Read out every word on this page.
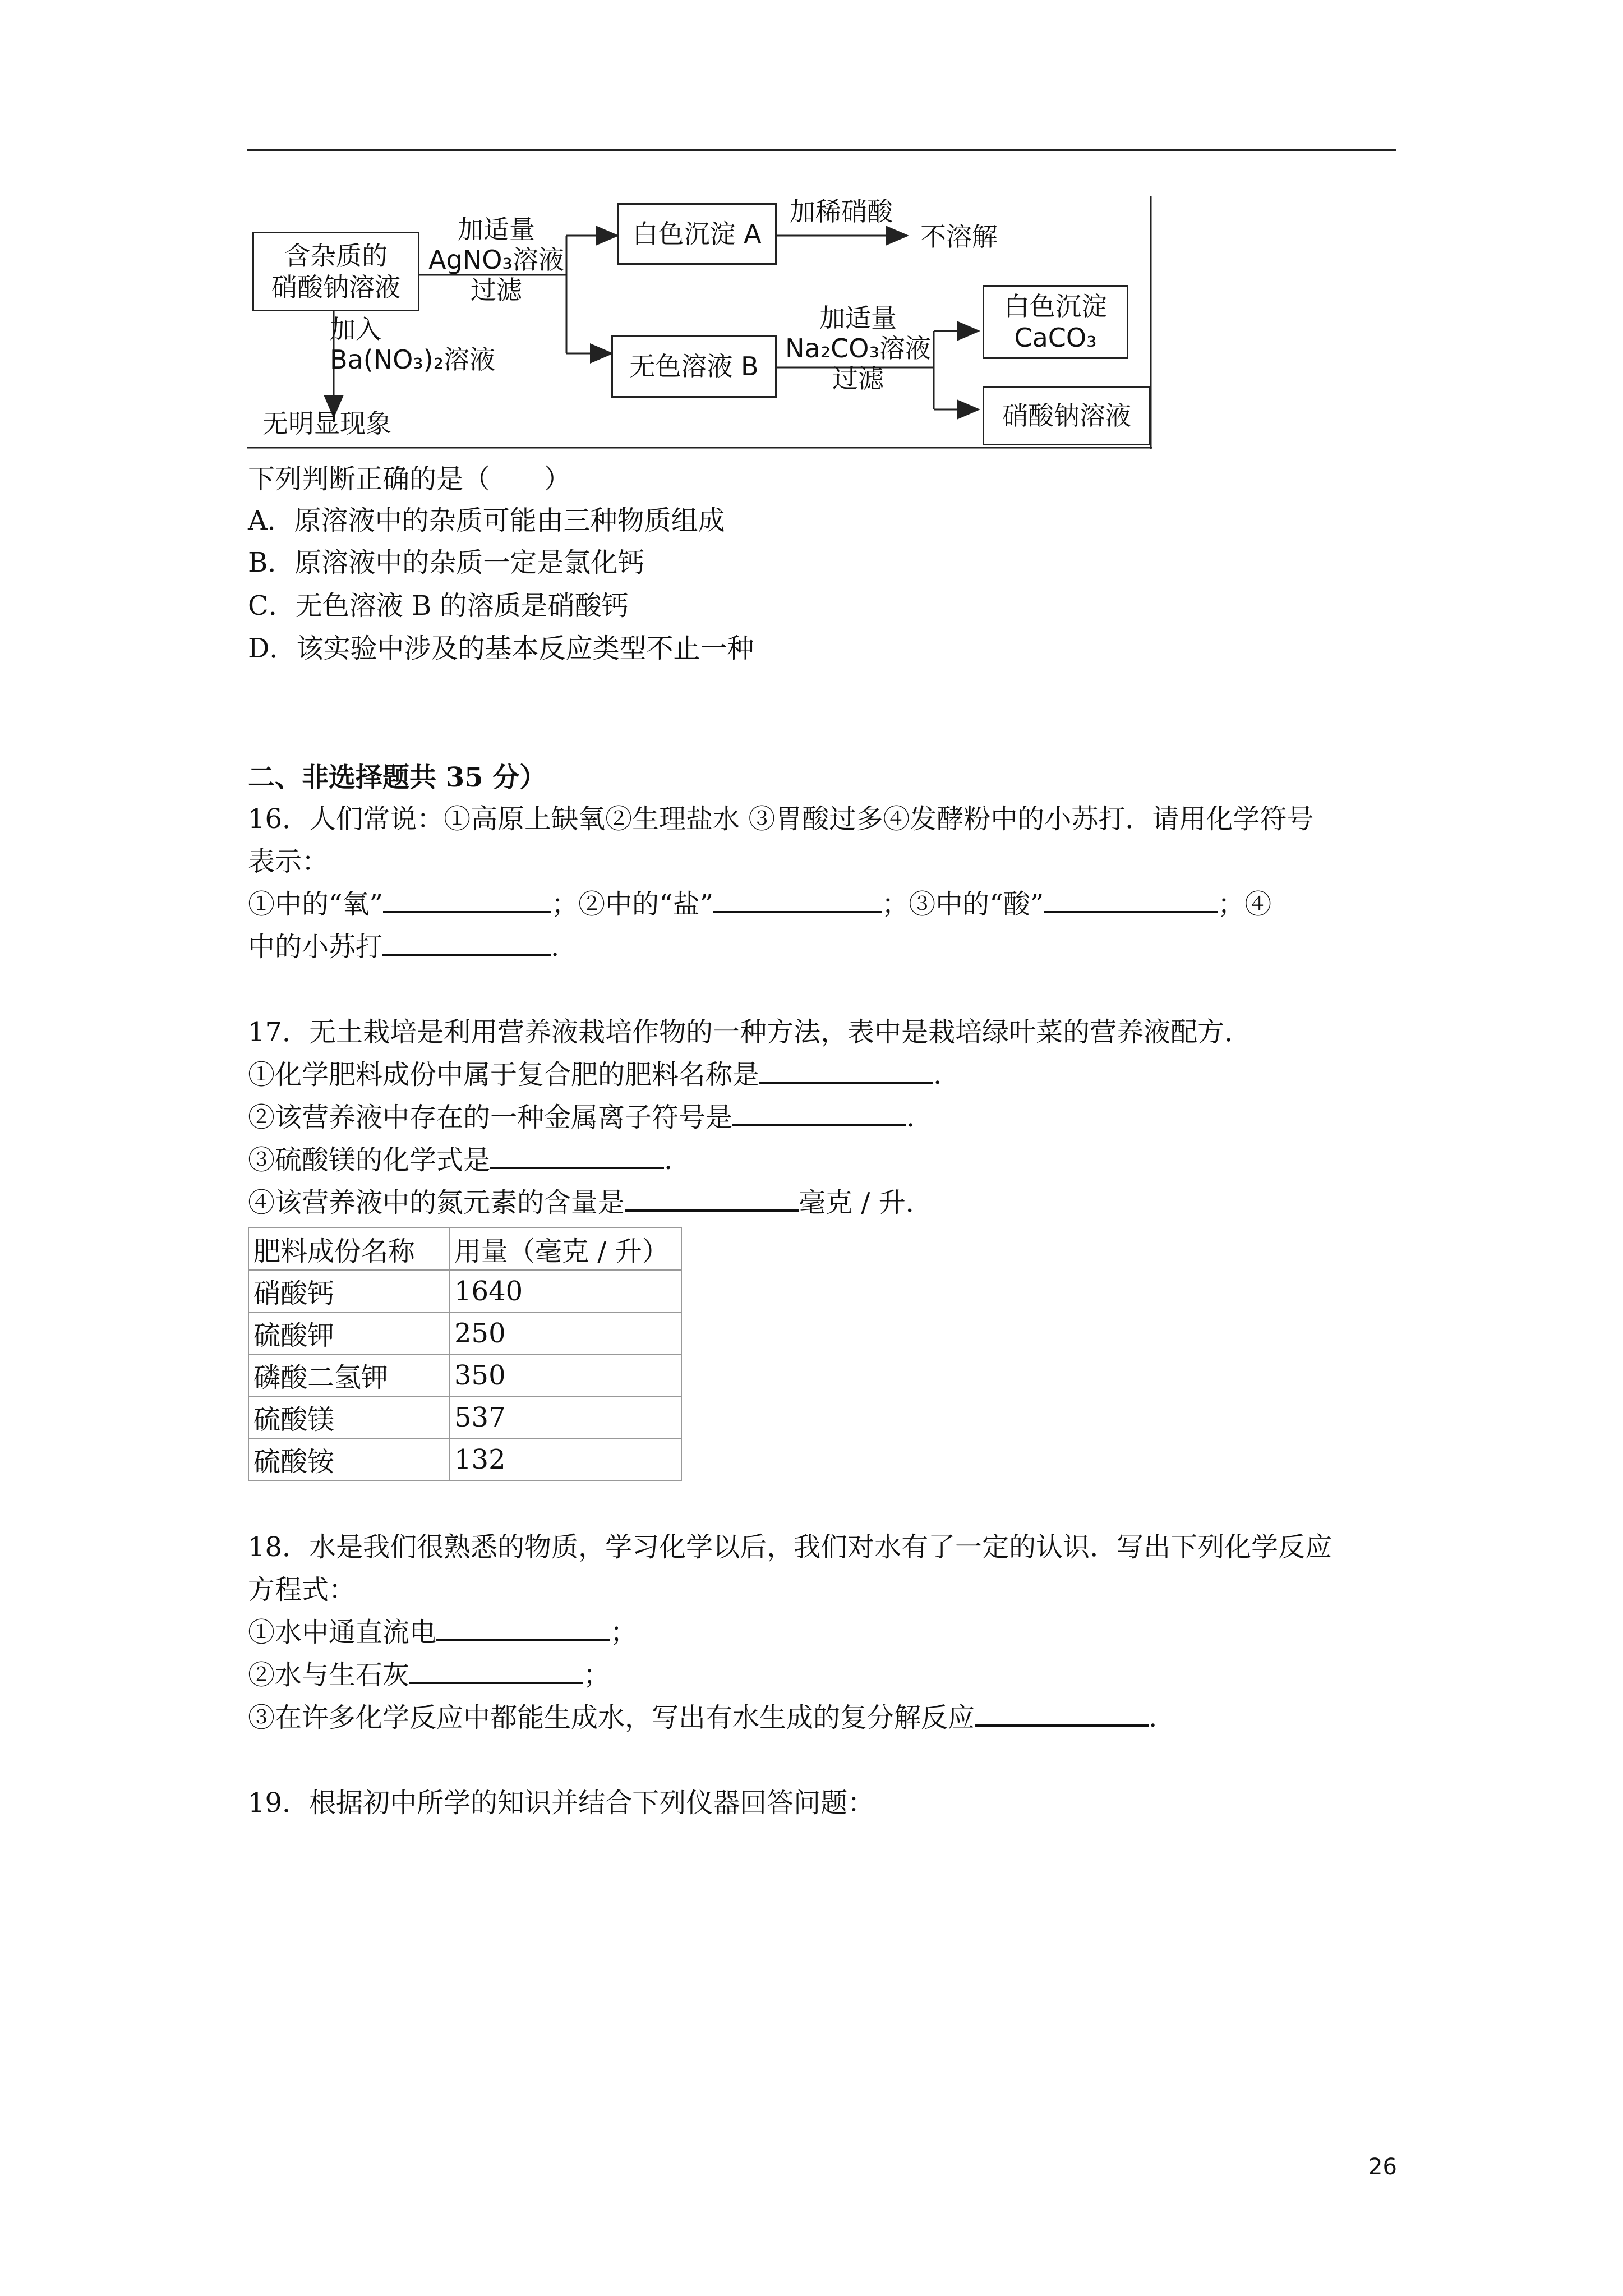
含杂质的
硝酸钠溶液
加适量
AgNO₃溶液
过滤
白色沉淀 A
加稀硝酸
不溶解
无色溶液 B
加适量
Na₂CO₃溶液
过滤
白色沉淀
CaCO₃
硝酸钠溶液
加入
Ba(NO₃)₂溶液
无明显现象
下列判断正确的是（　　）
A．原溶液中的杂质可能由三种物质组成
B．原溶液中的杂质一定是氯化钙
C．无色溶液 B 的溶质是硝酸钙
D．该实验中涉及的基本反应类型不止一种
二、非选择题共 35 分）
16．人们常说：①高原上缺氧②生理盐水 ③胃酸过多④发酵粉中的小苏打．请用化学符号
表示：
①中的“氧”	；②中的“盐”	；③中的“酸”	；④
中的小苏打	.
17．无土栽培是利用营养液栽培作物的一种方法，表中是栽培绿叶菜的营养液配方．
①化学肥料成份中属于复合肥的肥料名称是	.
②该营养液中存在的一种金属离子符号是	.
③硫酸镁的化学式是	.
④该营养液中的氮元素的含量是	毫克 / 升．
肥料成份名称	用量（毫克 / 升）
硝酸钙	1640
硫酸钾	250
磷酸二氢钾	350
硫酸镁	537
硫酸铵	132
18．水是我们很熟悉的物质，学习化学以后，我们对水有了一定的认识．写出下列化学反应
方程式：
①水中通直流电	；
②水与生石灰	；
③在许多化学反应中都能生成水，写出有水生成的复分解反应	.
19．根据初中所学的知识并结合下列仪器回答问题：
26
